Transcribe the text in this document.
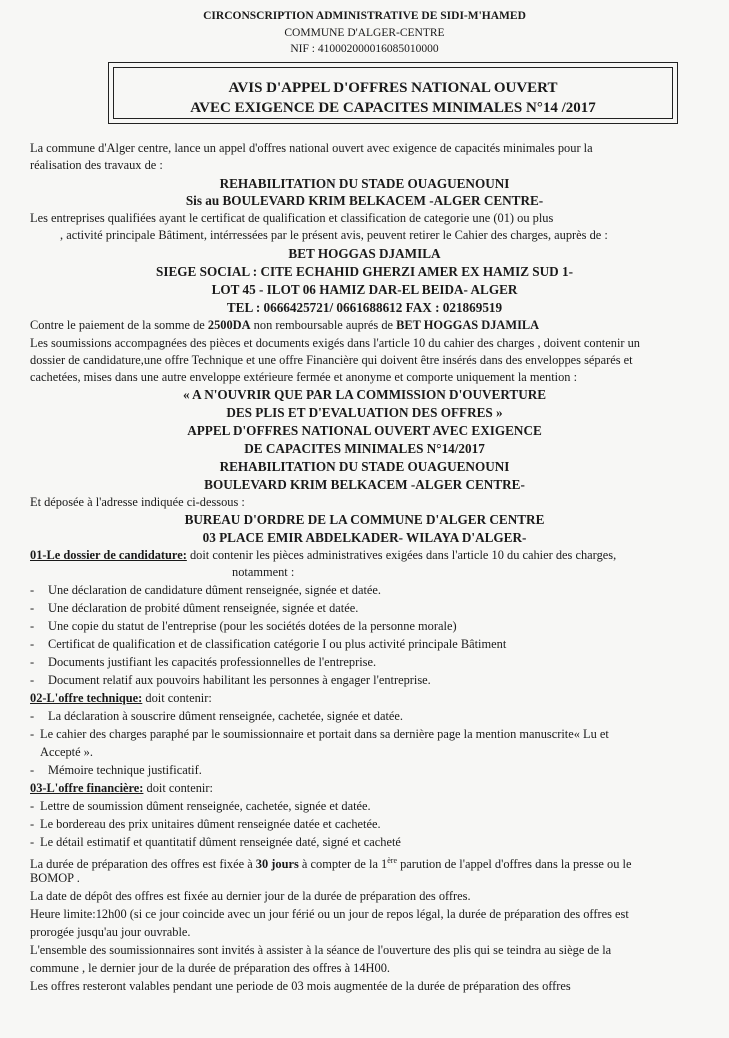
CIRCONSCRIPTION ADMINISTRATIVE DE SIDI-M'HAMED
COMMUNE D'ALGER-CENTRE
NIF : 410002000016085010000
AVIS D'APPEL D'OFFRES NATIONAL OUVERT
AVEC EXIGENCE DE CAPACITES MINIMALES N°14 /2017
La commune d'Alger centre, lance un appel d'offres national ouvert avec exigence de capacités minimales pour la
réalisation des travaux de :
REHABILITATION DU STADE OUAGUENOUNI
Sis au BOULEVARD KRIM BELKACEM -ALGER CENTRE-
Les entreprises qualifiées ayant le certificat de qualification et classification de categorie une (01) ou plus
, activité principale Bâtiment, intérressées par le présent avis, peuvent retirer le Cahier des charges, auprès de :
BET HOGGAS DJAMILA
SIEGE SOCIAL : CITE ECHAHID GHERZI AMER EX HAMIZ SUD 1-
LOT 45 - ILOT 06 HAMIZ DAR-EL BEIDA- ALGER
TEL : 0666425721/ 0661688612 FAX : 021869519
Contre le paiement de la somme de 2500DA non remboursable auprés de BET HOGGAS DJAMILA
Les soumissions accompagnées des pièces et documents exigés dans l'article 10 du cahier des charges , doivent contenir un
dossier de candidature,une offre Technique et une offre Financière qui doivent être insérés dans des enveloppes séparés et
cachetées, mises dans une autre enveloppe extérieure fermée et anonyme et comporte uniquement la mention :
« A N'OUVRIR QUE PAR LA COMMISSION D'OUVERTURE
DES PLIS ET D'EVALUATION DES OFFRES »
APPEL D'OFFRES NATIONAL OUVERT AVEC EXIGENCE
DE CAPACITES MINIMALES N°14/2017
REHABILITATION DU STADE OUAGUENOUNI
BOULEVARD KRIM BELKACEM -ALGER CENTRE-
Et déposée à l'adresse indiquée ci-dessous :
BUREAU D'ORDRE DE LA COMMUNE D'ALGER CENTRE
03 PLACE EMIR ABDELKADER- WILAYA D'ALGER-
01-Le dossier de candidature: doit contenir les pièces administratives exigées dans l'article 10 du cahier des charges,
notamment :
- Une déclaration de candidature dûment renseignée, signée et datée.
- Une déclaration de probité dûment renseignée, signée et datée.
- Une copie du statut de l'entreprise (pour les sociétés dotées de la personne morale)
- Certificat de qualification et de classification catégorie I ou plus activité principale Bâtiment
- Documents justifiant les capacités professionnelles de l'entreprise.
- Document relatif aux pouvoirs habilitant les personnes à engager l'entreprise.
02-L'offre technique: doit contenir:
- La déclaration à souscrire dûment renseignée, cachetée, signée et datée.
- Le cahier des charges paraphé par le soumissionnaire et portait dans sa dernière page la mention manuscrite« Lu et
Accepté ».
- Mémoire technique justificatif.
03-L'offre financière: doit contenir:
- Lettre de soumission dûment renseignée, cachetée, signée et datée.
- Le bordereau des prix unitaires dûment renseignée datée et cachetée.
- Le détail estimatif et quantitatif dûment renseignée daté, signé et cacheté
La durée de préparation des offres est fixée à 30 jours à compter de la 1ère parution de l'appel d'offres dans la presse ou le
BOMOP .
La date de dépôt des offres est fixée au dernier jour de la durée de préparation des offres.
Heure limite:12h00 (si ce jour coincide avec un jour férié ou un jour de repos légal, la durée de préparation des offres est
prorogée jusqu'au jour ouvrable.
L'ensemble des soumissionnaires sont invités à assister à la séance de l'ouverture des plis qui se teindra au siège de la
commune , le dernier jour de la durée de préparation des offres à 14H00.
Les offres resteront valables pendant une periode de 03 mois augmentée de la durée de préparation des offres
